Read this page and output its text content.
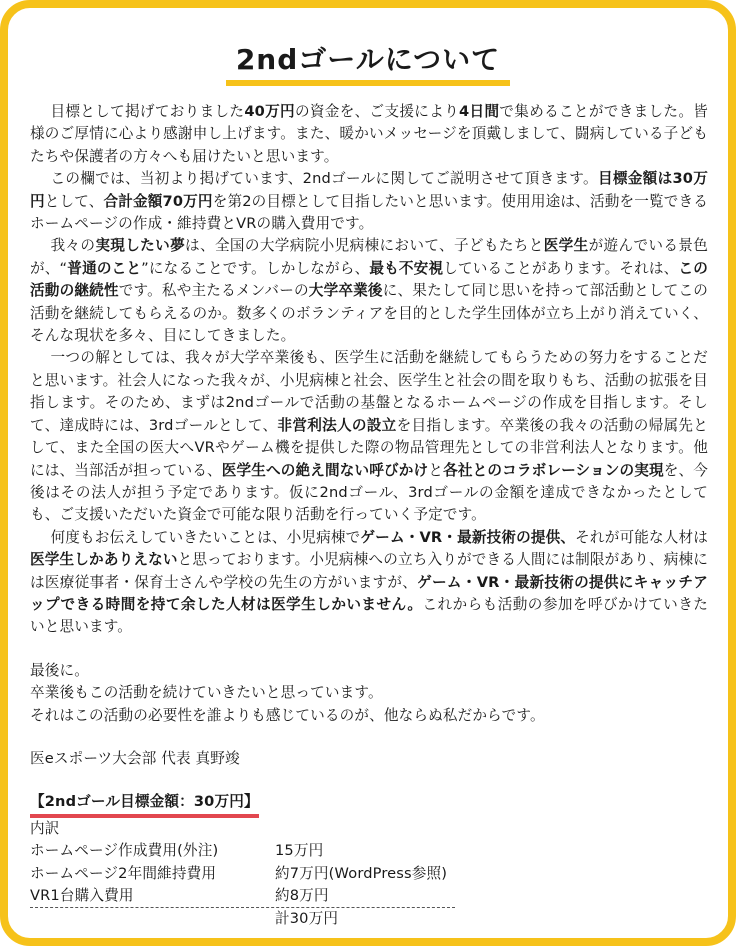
2ndゴールについて

目標として掲げておりました40万円の資金を、ご支援により4日間で集めることができました。皆様のご厚情に心より感謝申し上げます。また、暖かいメッセージを頂戴しまして、闘病している子どもたちや保護者の方々へも届けたいと思います。

この欄では、当初より掲げています、2ndゴールに関してご説明させて頂きます。目標金額は30万円として、合計金額70万円を第2の目標として目指したいと思います。使用用途は、活動を一覧できるホームページの作成・維持費とVRの購入費用です。

我々の実現したい夢は、全国の大学病院小児病棟において、子どもたちと医学生が遊んでいる景色が、“普通のこと”になることです。しかしながら、最も不安視していることがあります。それは、この活動の継続性です。私や主たるメンバーの大学卒業後に、果たして同じ思いを持って部活動としてこの活動を継続してもらえるのか。数多くのボランティアを目的とした学生団体が立ち上がり消えていく、そんな現状を多々、目にしてきました。

一つの解としては、我々が大学卒業後も、医学生に活動を継続してもらうための努力をすることだと思います。社会人になった我々が、小児病棟と社会、医学生と社会の間を取りもち、活動の拡張を目指します。そのため、まずは2ndゴールで活動の基盤となるホームページの作成を目指します。そして、達成時には、3rdゴールとして、非営利法人の設立を目指します。卒業後の我々の活動の帰属先として、また全国の医大へVRやゲーム機を提供した際の物品管理先としての非営利法人となります。他には、当部活が担っている、医学生への絶え間ない呼びかけと各社とのコラボレーションの実現を、今後はその法人が担う予定であります。仮に2ndゴール、3rdゴールの金額を達成できなかったとしても、ご支援いただいた資金で可能な限り活動を行っていく予定です。

何度もお伝えしていきたいことは、小児病棟でゲーム・VR・最新技術の提供、それが可能な人材は医学生しかありえないと思っております。小児病棟への立ち入りができる人間には制限があり、病棟には医療従事者・保育士さんや学校の先生の方がいますが、ゲーム・VR・最新技術の提供にキャッチアップできる時間を持て余した人材は医学生しかいません。これからも活動の参加を呼びかけていきたいと思います。

最後に。

卒業後もこの活動を続けていきたいと思っています。

それはこの活動の必要性を誰よりも感じているのが、他ならぬ私だからです。

医eスポーツ大会部 代表 真野竣

【2ndゴール目標金額：30万円】

内訳

ホームページ作成費用(外注)	15万円
ホームページ2年間維持費用	約7万円(WordPress参照)
VR1台購入費用	約8万円

計30万円
